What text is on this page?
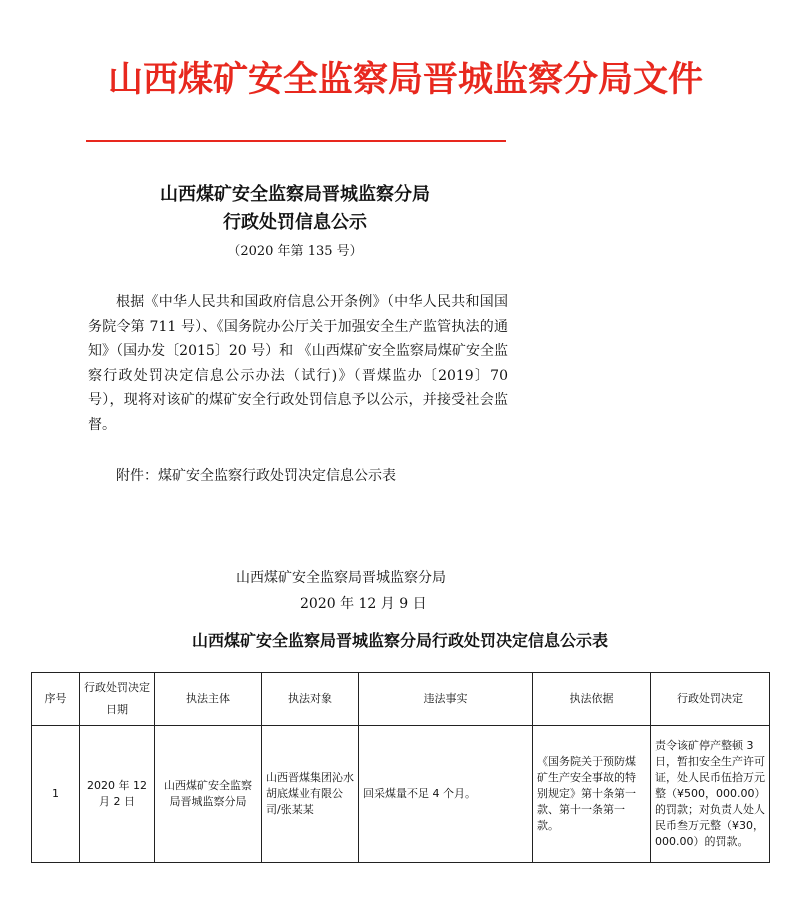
山西煤矿安全监察局晋城监察分局文件
山西煤矿安全监察局晋城监察分局
行政处罚信息公示
（2020 年第 135 号）
根据《中华人民共和国政府信息公开条例》（中华人民共和国国务院令第 711 号）、《国务院办公厅关于加强安全生产监管执法的通知》（国办发〔2015〕20 号）和 《山西煤矿安全监察局煤矿安全监察行政处罚决定信息公示办法（试行)》（晋煤监办〔2019〕70 号），现将对该矿的煤矿安全行政处罚信息予以公示，并接受社会监督。
附件：煤矿安全监察行政处罚决定信息公示表
山西煤矿安全监察局晋城监察分局
2020 年 12 月 9 日
山西煤矿安全监察局晋城监察分局行政处罚决定信息公示表
序号	行政处罚决定日期	执法主体	执法对象	违法事实	执法依据	行政处罚决定
1	2020 年 12 月 2 日	山西煤矿安全监察局晋城监察分局	山西晋煤集团沁水胡底煤业有限公司/张某某	回采煤量不足 4 个月。	《国务院关于预防煤矿生产安全事故的特别规定》第十条第一款、第十一条第一款。	责令该矿停产整顿 3 日，暂扣安全生产许可证，处人民币伍拾万元整（¥500，000.00）的罚款；对负责人处人民币叁万元整（¥30，000.00）的罚款。
